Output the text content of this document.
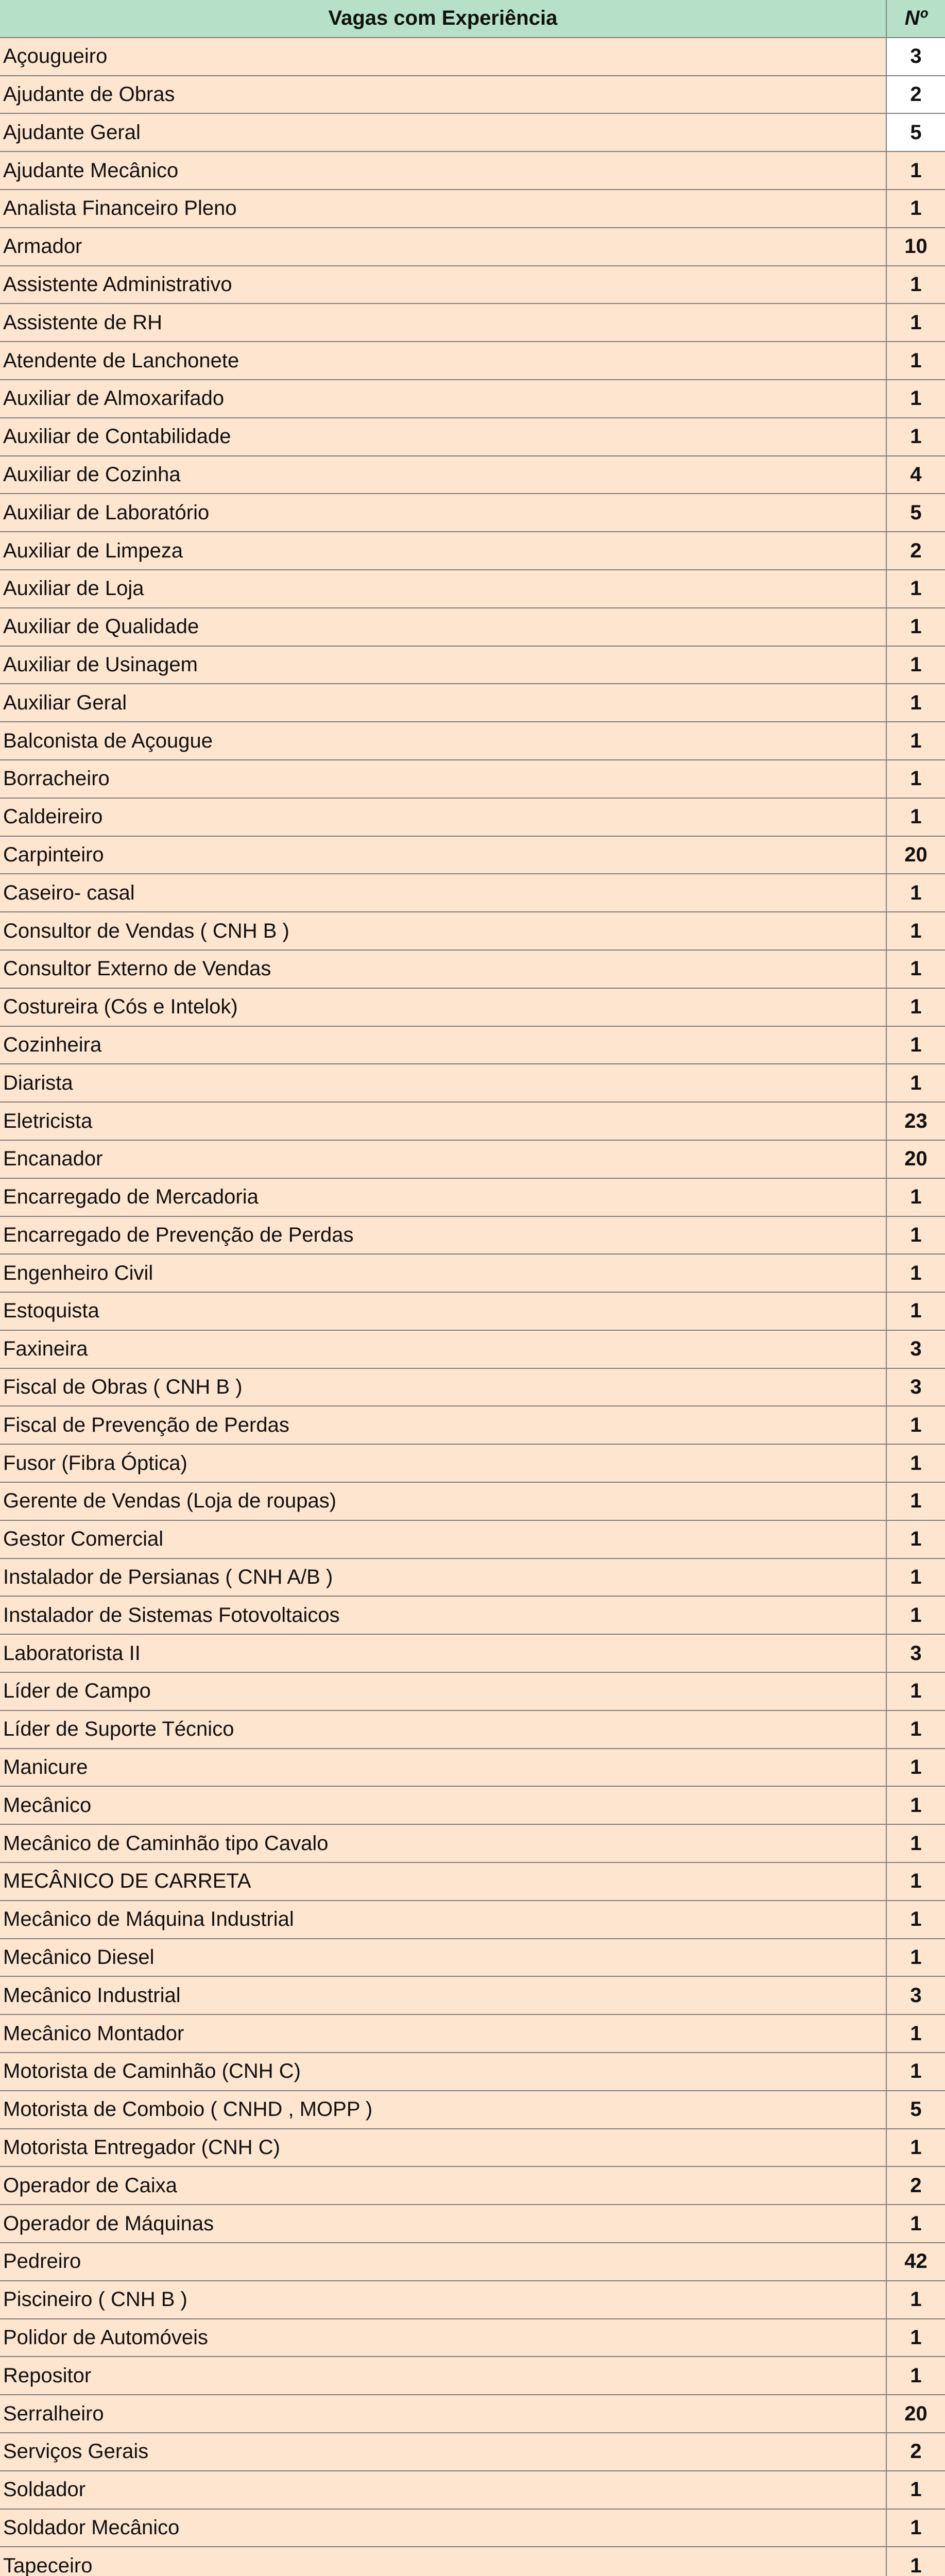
Vagas com Experiência	Nº
Açougueiro	3
Ajudante de Obras	2
Ajudante Geral	5
Ajudante Mecânico	1
Analista Financeiro Pleno	1
Armador	10
Assistente Administrativo	1
Assistente de RH	1
Atendente de Lanchonete	1
Auxiliar de Almoxarifado	1
Auxiliar de Contabilidade	1
Auxiliar de Cozinha	4
Auxiliar de Laboratório	5
Auxiliar de Limpeza	2
Auxiliar de Loja	1
Auxiliar de Qualidade	1
Auxiliar de Usinagem	1
Auxiliar Geral	1
Balconista de Açougue	1
Borracheiro	1
Caldeireiro	1
Carpinteiro	20
Caseiro- casal	1
Consultor de Vendas ( CNH B )	1
Consultor Externo de Vendas	1
Costureira (Cós e Intelok)	1
Cozinheira	1
Diarista	1
Eletricista	23
Encanador	20
Encarregado de Mercadoria	1
Encarregado de Prevenção de Perdas	1
Engenheiro Civil	1
Estoquista	1
Faxineira	3
Fiscal de Obras ( CNH B )	3
Fiscal de Prevenção de Perdas	1
Fusor (Fibra Óptica)	1
Gerente de Vendas (Loja de roupas)	1
Gestor Comercial	1
Instalador de Persianas ( CNH A/B )	1
Instalador de Sistemas Fotovoltaicos	1
Laboratorista II	3
Líder de Campo	1
Líder de Suporte Técnico	1
Manicure	1
Mecânico	1
Mecânico de Caminhão tipo Cavalo	1
MECÂNICO DE CARRETA	1
Mecânico de Máquina Industrial	1
Mecânico Diesel	1
Mecânico Industrial	3
Mecânico Montador	1
Motorista de Caminhão (CNH C)	1
Motorista de Comboio ( CNHD , MOPP )	5
Motorista Entregador (CNH C)	1
Operador de Caixa	2
Operador de Máquinas	1
Pedreiro	42
Piscineiro ( CNH B )	1
Polidor de Automóveis	1
Repositor	1
Serralheiro	20
Serviços Gerais	2
Soldador	1
Soldador Mecânico	1
Tapeceiro	1
